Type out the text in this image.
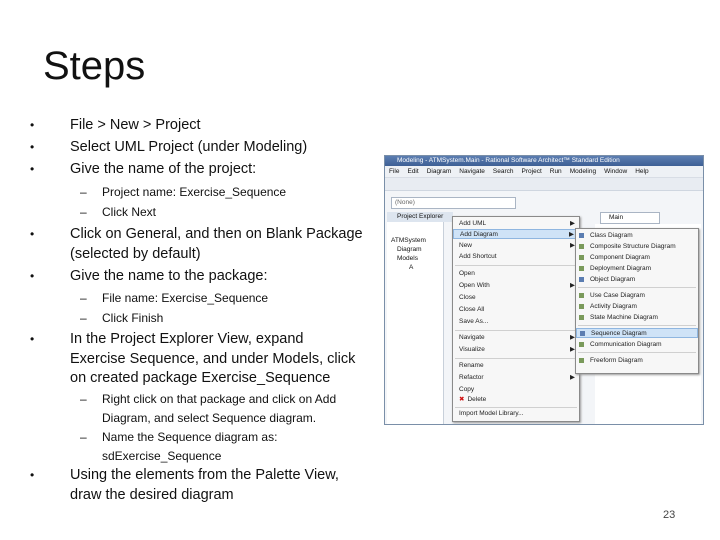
Steps
• File > New > Project
• Select UML Project (under Modeling)
• Give the name of the project:
– Project name: Exercise_Sequence
– Click Next
• Click on General, and then on Blank Package (selected by default)
• Give the name to the package:
– File name: Exercise_Sequence
– Click Finish
• In the Project Explorer View, expand Exercise Sequence, and under Models, click on created package Exercise_Sequence
– Right click on that package and click on Add Diagram, and select Sequence diagram.
– Name the Sequence diagram as: sdExercise_Sequence
• Using the elements from the Palette View, draw the desired diagram
Modeling - ATMSystem.Main - Rational Software Architect™ Standard Edition
File Edit Diagram Navigate Search Project Run Modeling Window Help
(None)
Project Explorer
ATMSystem
Diagram
Models
A
Main
Add UML	▶
Add Diagram	▶
New	▶
Add Shortcut
Open
Open With	▶
Close
Close All
Save As...
Navigate	▶
Visualize	▶
Rename
Refactor	▶
Copy
✖ Delete
Import Model Library...
Class Diagram
Composite Structure Diagram
Component Diagram
Deployment Diagram
Object Diagram
Use Case Diagram
Activity Diagram
State Machine Diagram
Sequence Diagram
Communication Diagram
Freeform Diagram
23
